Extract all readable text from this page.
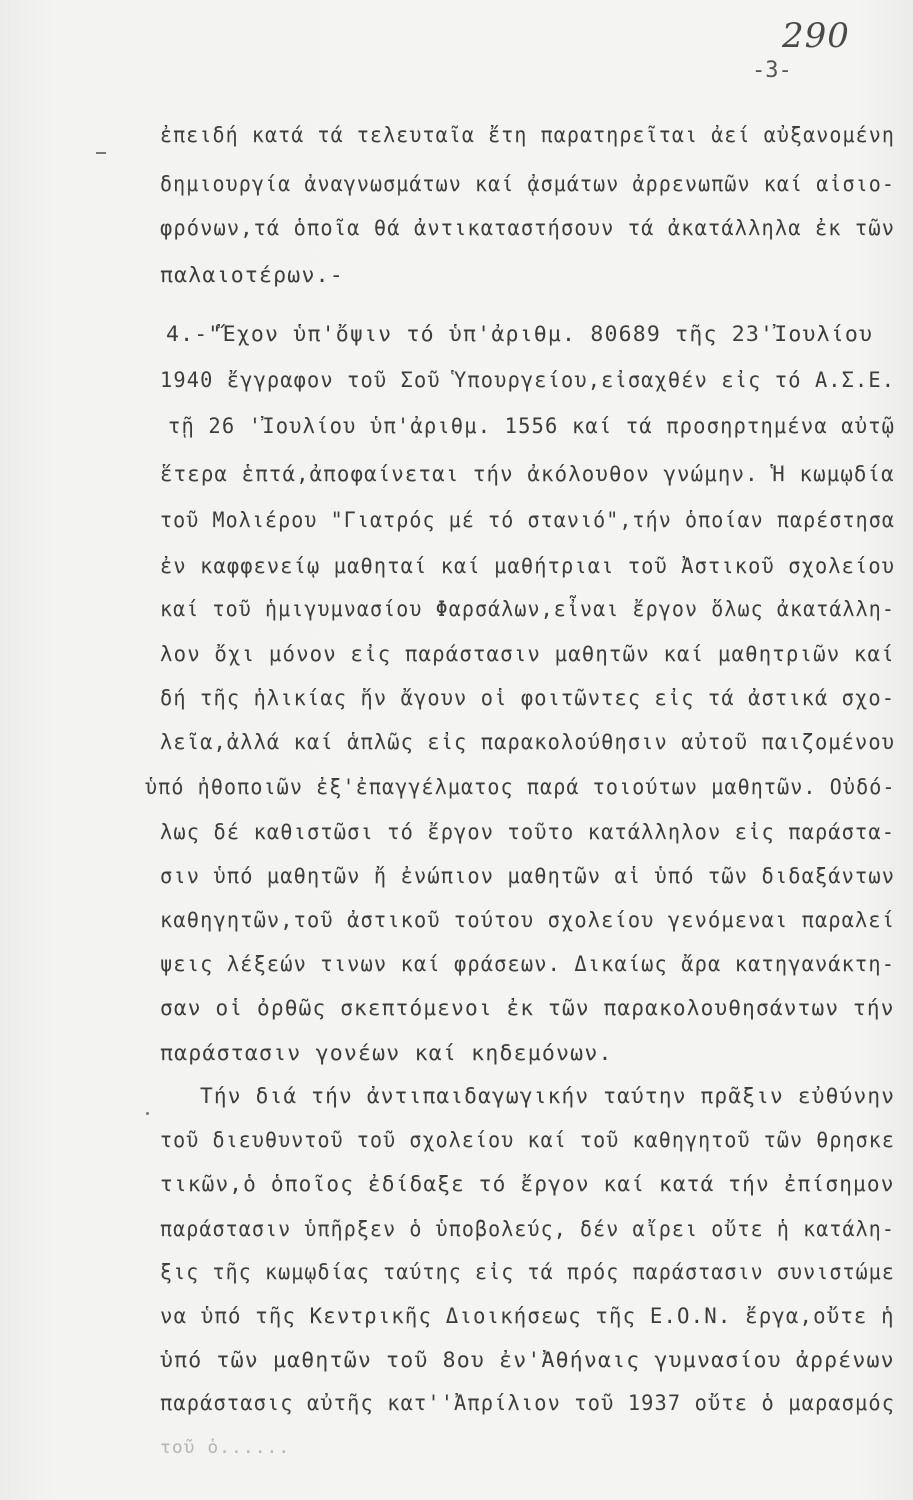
290
-3-
ἐπειδή κατά τά τελευταῖα ἔτη παρατηρεῖται ἀεί αὐξανομένη
δημιουργία ἀναγνωσμάτων καί ᾀσμάτων ἀρρενωπῶν καί αἰσιο-
φρόνων,τά ὁποῖα θά ἀντικαταστήσουν τά ἀκατάλληλα ἐκ τῶν
παλαιοτέρων.-
4.-"Ἔχον ὑπ'ὄψιν τό ὑπ'ἀριθμ. 80689 τῆς 23'Ἰουλίου
1940 ἔγγραφον τοῦ Σοῦ Ὑπουργείου,εἰσαχθέν εἰς τό Α.Σ.Ε.
τῇ 26 'Ἰουλίου ὑπ'ἀριθμ. 1556 καί τά προσηρτημένα αὐτῷ
ἕτερα ἑπτά,ἀποφαίνεται τήν ἀκόλουθον γνώμην. Ἡ κωμῳδία
τοῦ Μολιέρου "Γιατρός μέ τό στανιό",τήν ὁποίαν παρέστησα
ἐν καφφενείῳ μαθηταί καί μαθήτριαι τοῦ Ἀστικοῦ σχολείου
καί τοῦ ἡμιγυμνασίου Φαρσάλων,εἶναι ἔργον ὅλως ἀκατάλλη-
λον ὄχι μόνον εἰς παράστασιν μαθητῶν καί μαθητριῶν καί
δή τῆς ἡλικίας ἥν ἄγουν οἱ φοιτῶντες εἰς τά ἀστικά σχο-
λεῖα,ἀλλά καί ἁπλῶς εἰς παρακολούθησιν αὐτοῦ παιζομένου
ὑπό ἠθοποιῶν ἐξ'ἐπαγγέλματος παρά τοιούτων μαθητῶν. Οὐδό-
λως δέ καθιστῶσι τό ἔργον τοῦτο κατάλληλον εἰς παράστα-
σιν ὑπό μαθητῶν ἤ ἐνώπιον μαθητῶν αἱ ὑπό τῶν διδαξάντων
καθηγητῶν,τοῦ ἀστικοῦ τούτου σχολείου γενόμεναι παραλεί
ψεις λέξεών τινων καί φράσεων. Δικαίως ἄρα κατηγανάκτη-
σαν οἱ ὀρθῶς σκεπτόμενοι ἐκ τῶν παρακολουθησάντων τήν
παράστασιν γονέων καί κηδεμόνων.
Τήν διά τήν ἀντιπαιδαγωγικήν ταύτην πρᾶξιν εὐθύνην
τοῦ διευθυντοῦ τοῦ σχολείου καί τοῦ καθηγητοῦ τῶν θρησκε
τικῶν,ὁ ὁποῖος ἐδίδαξε τό ἔργον καί κατά τήν ἐπίσημον
παράστασιν ὑπῆρξεν ὁ ὑποβολεύς, δέν αἴρει οὔτε ἡ κατάλη-
ξις τῆς κωμῳδίας ταύτης εἰς τά πρός παράστασιν συνιστώμε
να ὑπό τῆς Κεντρικῆς Διοικήσεως τῆς Ε.Ο.Ν. ἔργα,οὔτε ἡ
ὑπό τῶν μαθητῶν τοῦ 8ου ἐν'Ἀθήναις γυμνασίου ἀρρένων
παράστασις αὐτῆς κατ''Ἀπρίλιον τοῦ 1937 οὔτε ὁ μαρασμός
τοῦ ὁ......
